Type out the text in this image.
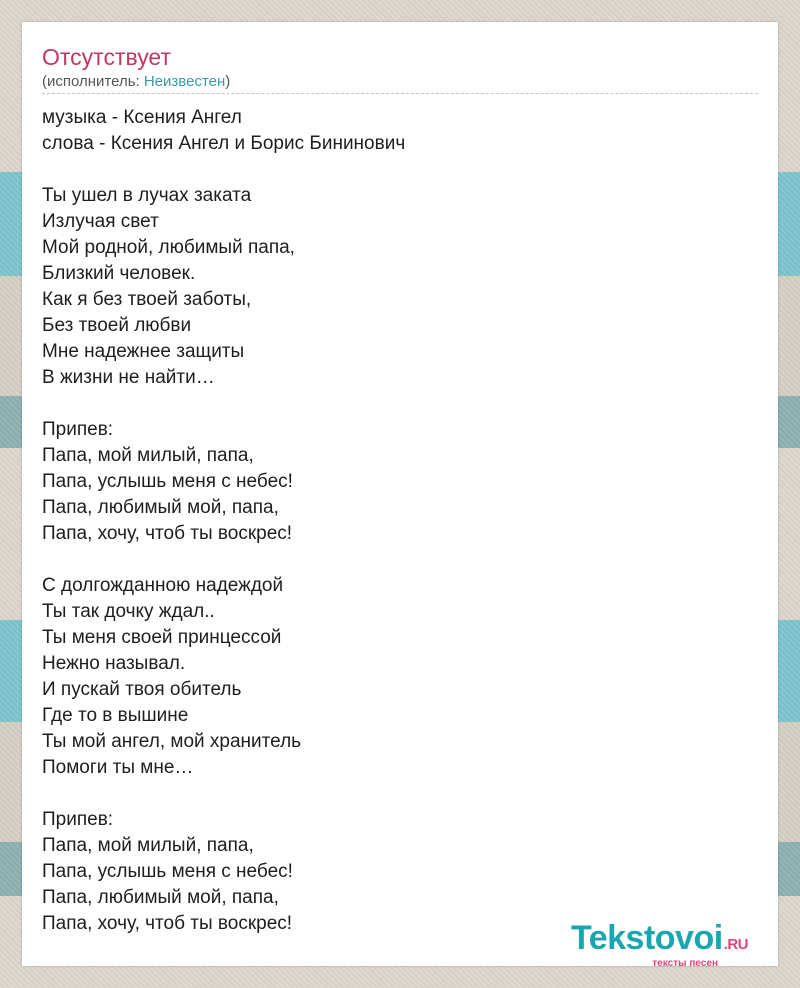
Отсутствует
(исполнитель: Неизвестен)
музыка - Ксения Ангел
слова - Ксения Ангел и Борис Бининович

Ты ушел в лучах заката
Излучая свет
Мой родной, любимый папа,
Близкий человек.
Как я без твоей заботы,
Без твоей любви
Мне надежнее защиты
В жизни не найти…

Припев:
Папа, мой милый, папа,
Папа, услышь меня с небес!
Папа, любимый мой, папа,
Папа, хочу, чтоб ты воскрес!

С долгожданною надеждой
Ты так дочку ждал..
Ты меня своей принцессой
Нежно называл.
И пускай твоя обитель
Где то в вышине
Ты мой ангел, мой хранитель
Помоги ты мне…

Припев:
Папа, мой милый, папа,
Папа, услышь меня с небес!
Папа, любимый мой, папа,
Папа, хочу, чтоб ты воскрес!	Tekstovoi.RU
тексты песен
